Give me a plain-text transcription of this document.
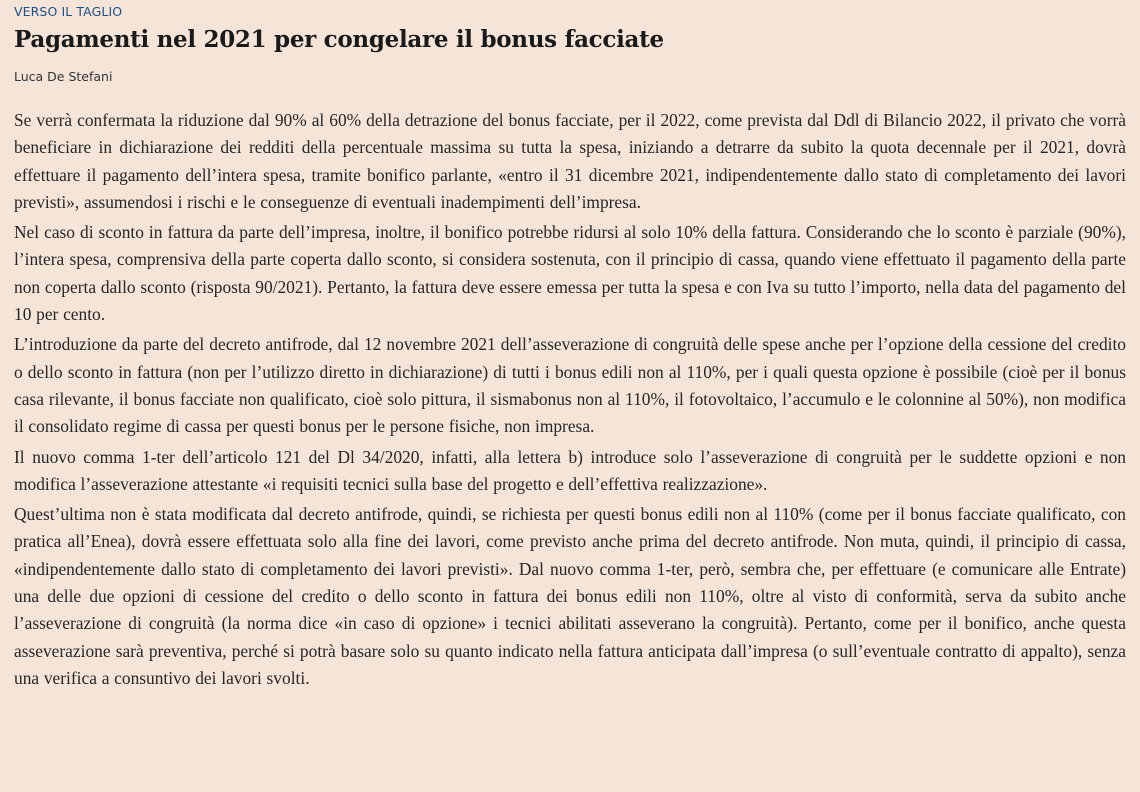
VERSO IL TAGLIO
Pagamenti nel 2021 per congelare il bonus facciate
Luca De Stefani

Se verrà confermata la riduzione dal 90% al 60% della detrazione del bonus facciate, per il 2022, come prevista dal Ddl di Bilancio 2022, il privato che vorrà beneficiare in dichiarazione dei redditi della percentuale massima su tutta la spesa, iniziando a detrarre da subito la quota decennale per il 2021, dovrà effettuare il pagamento dell’intera spesa, tramite bonifico parlante, «entro il 31 dicembre 2021, indipendentemente dallo stato di completamento dei lavori previsti», assumendosi i rischi e le conseguenze di eventuali inadempimenti dell’impresa.

Nel caso di sconto in fattura da parte dell’impresa, inoltre, il bonifico potrebbe ridursi al solo 10% della fattura. Considerando che lo sconto è parziale (90%), l’intera spesa, comprensiva della parte coperta dallo sconto, si considera sostenuta, con il principio di cassa, quando viene effettuato il pagamento della parte non coperta dallo sconto (risposta 90/2021). Pertanto, la fattura deve essere emessa per tutta la spesa e con Iva su tutto l’importo, nella data del pagamento del 10 per cento.

L’introduzione da parte del decreto antifrode, dal 12 novembre 2021 dell’asseverazione di congruità delle spese anche per l’opzione della cessione del credito o dello sconto in fattura (non per l’utilizzo diretto in dichiarazione) di tutti i bonus edili non al 110%, per i quali questa opzione è possibile (cioè per il bonus casa rilevante, il bonus facciate non qualificato, cioè solo pittura, il sismabonus non al 110%, il fotovoltaico, l’accumulo e le colonnine al 50%), non modifica il consolidato regime di cassa per questi bonus per le persone fisiche, non impresa.

Il nuovo comma 1-ter dell’articolo 121 del Dl 34/2020, infatti, alla lettera b) introduce solo l’asseverazione di congruità per le suddette opzioni e non modifica l’asseverazione attestante «i requisiti tecnici sulla base del progetto e dell’effettiva realizzazione».

Quest’ultima non è stata modificata dal decreto antifrode, quindi, se richiesta per questi bonus edili non al 110% (come per il bonus facciate qualificato, con pratica all’Enea), dovrà essere effettuata solo alla fine dei lavori, come previsto anche prima del decreto antifrode. Non muta, quindi, il principio di cassa, «indipendentemente dallo stato di completamento dei lavori previsti». Dal nuovo comma 1-ter, però, sembra che, per effettuare (e comunicare alle Entrate) una delle due opzioni di cessione del credito o dello sconto in fattura dei bonus edili non 110%, oltre al visto di conformità, serva da subito anche l’asseverazione di congruità (la norma dice «in caso di opzione» i tecnici abilitati asseverano la congruità). Pertanto, come per il bonifico, anche questa asseverazione sarà preventiva, perché si potrà basare solo su quanto indicato nella fattura anticipata dall’impresa (o sull’eventuale contratto di appalto), senza una verifica a consuntivo dei lavori svolti.
